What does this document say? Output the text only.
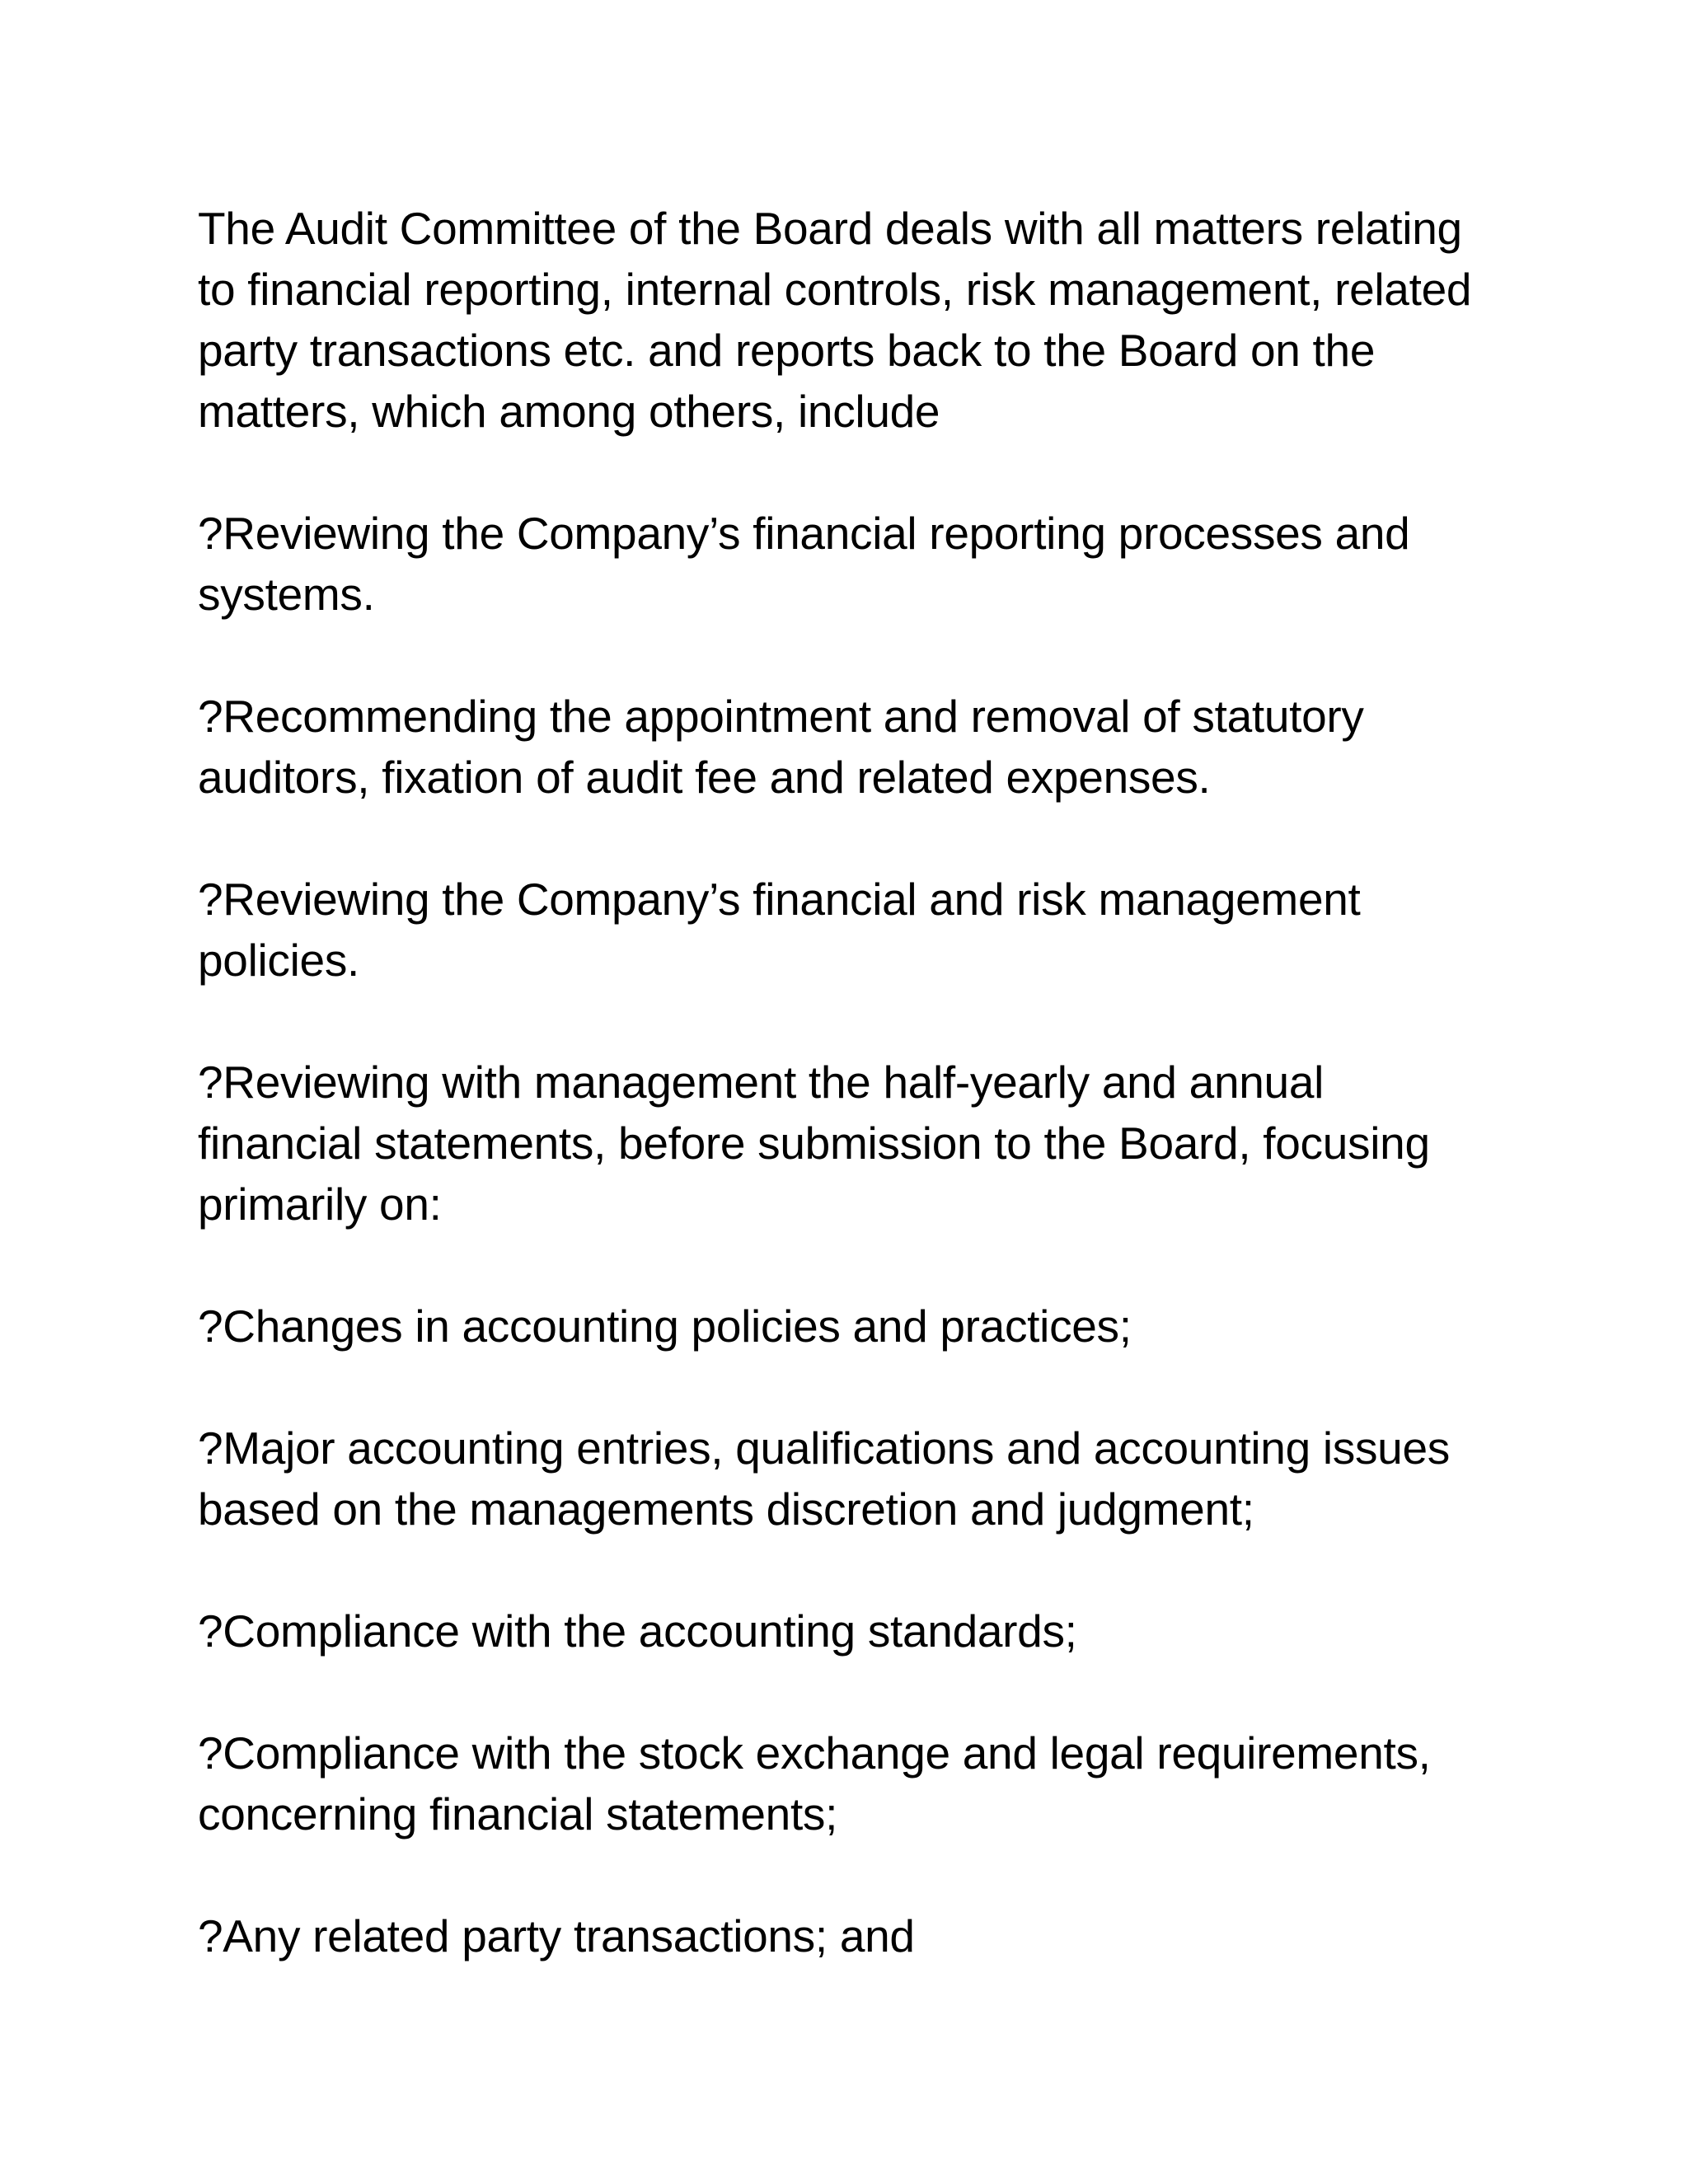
The Audit Committee of the Board deals with all matters relating to financial reporting, internal controls, risk management, related party transactions etc. and reports back to the Board on the matters, which among others, include

?Reviewing the Company’s financial reporting processes and systems.

?Recommending the appointment and removal of statutory auditors, fixation of audit fee and related expenses.

?Reviewing the Company’s financial and risk management policies.

?Reviewing with management the half-yearly and annual financial statements, before submission to the Board, focusing primarily on:

?Changes in accounting policies and practices;

?Major accounting entries, qualifications and accounting issues based on the managements discretion and judgment;

?Compliance with the accounting standards;

?Compliance with the stock exchange and legal requirements, concerning financial statements;

?Any related party transactions; and
